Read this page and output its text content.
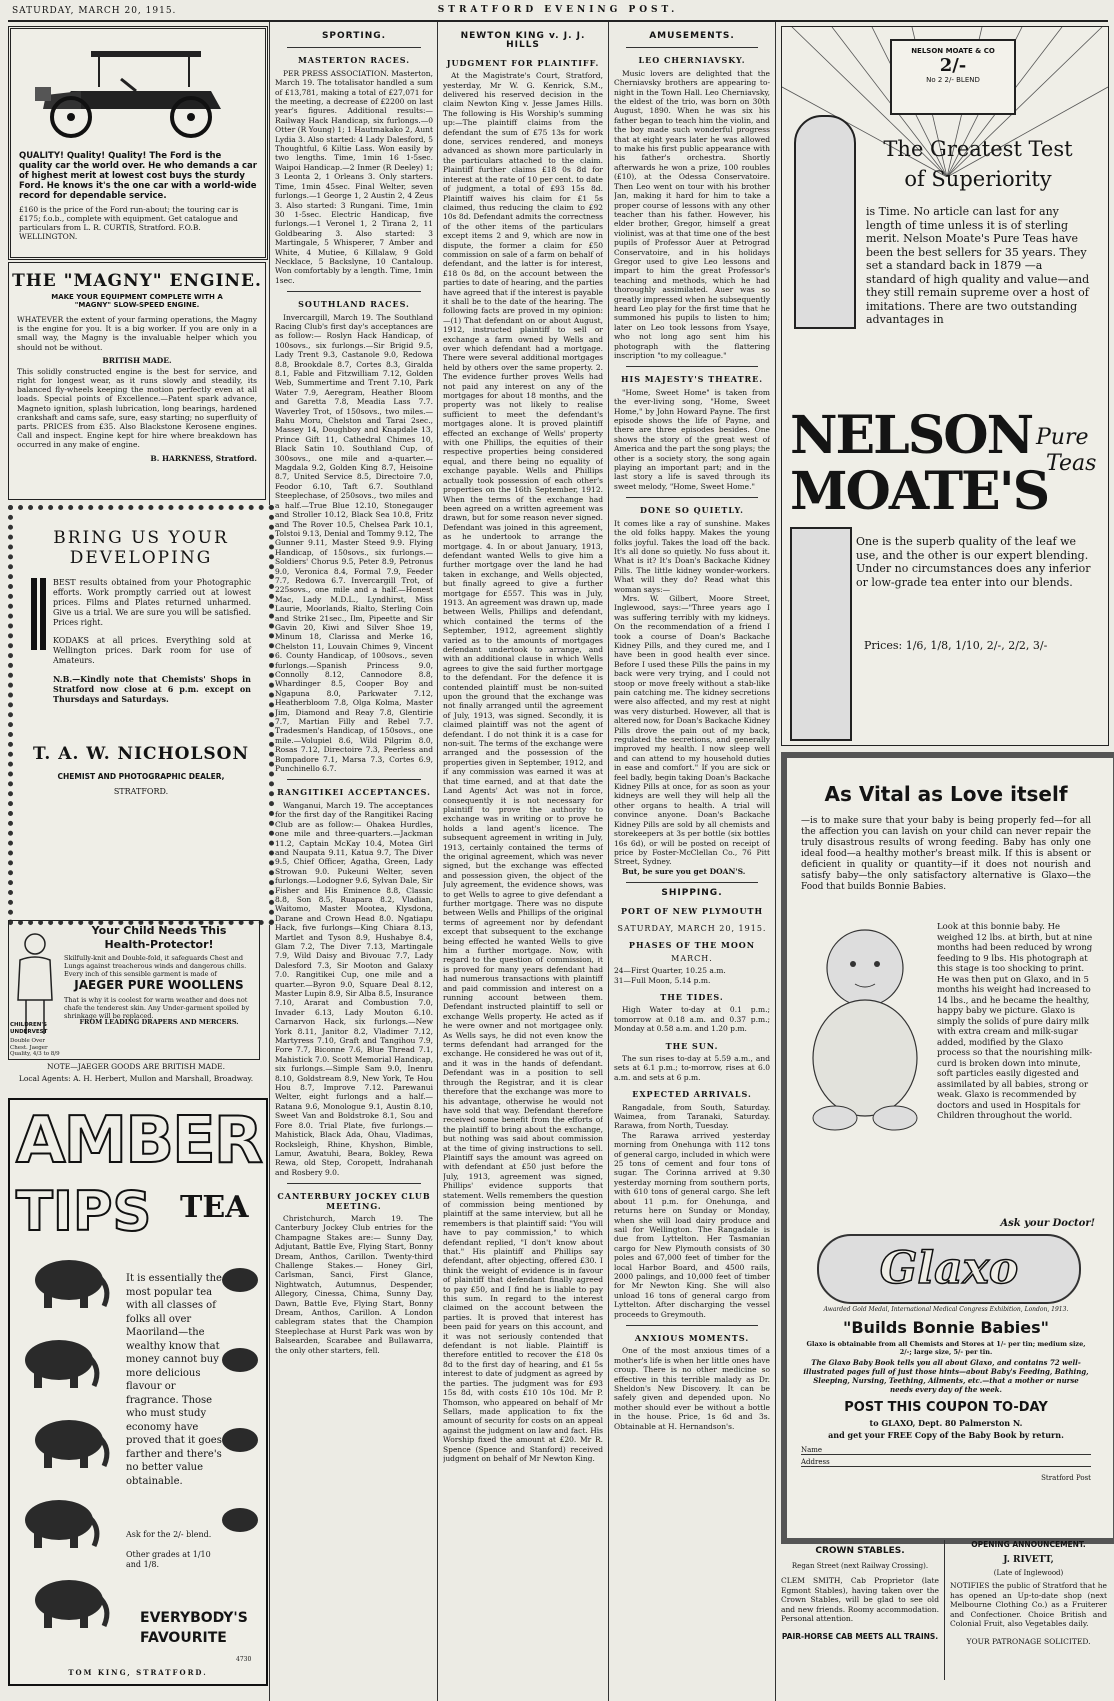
SATURDAY, MARCH 20, 1915.	STRATFORD EVENING POST.
QUALITY! Quality! Quality! The Ford is the quality car the world over. He who demands a car of highest merit at lowest cost buys the sturdy Ford. He knows it's the one car with a world-wide record for dependable service.
£160 is the price of the Ford run-about; the touring car is £175; f.o.b., complete with equipment. Get catalogue and particulars from L. R. CURTIS, Stratford. F.O.B. WELLINGTON.
THE "MAGNY" ENGINE.
MAKE YOUR EQUIPMENT COMPLETE WITH A "MAGNY" SLOW-SPEED ENGINE.
WHATEVER the extent of your farming operations, the Magny is the engine for you. It is a big worker. If you are only in a small way, the Magny is the invaluable helper which you should not be without.
BRITISH MADE.
This solidly constructed engine is the best for service, and right for longest wear, as it runs slowly and steadily, its balanced fly-wheels keeping the motion perfectly even at all loads. Special points of Excellence.—Patent spark advance, Magneto ignition, splash lubrication, long bearings, hardened crankshaft and cams safe, sure, easy starting; no superfluity of parts. PRICES from £35. Also Blackstone Kerosene engines. Call and inspect. Engine kept for hire where breakdown has occurred in any make of engine.
B. HARKNESS, Stratford.
BRING US YOUR
DEVELOPING
BEST results obtained from your Photographic efforts. Work promptly carried out at lowest prices. Films and Plates returned unharmed. Give us a trial. We are sure you will be satisfied. Prices right.
KODAKS at all prices. Everything sold at Wellington prices. Dark room for use of Amateurs.
N.B.—Kindly note that Chemists' Shops in Stratford now close at 6 p.m. except on Thursdays and Saturdays.
T. A. W. NICHOLSON
CHEMIST AND PHOTOGRAPHIC DEALER,
STRATFORD.
Your Child Needs This
Health-Protector!
Skilfully-knit and Double-fold, it safeguards Chest and Lungs against treacherous winds and dangerous chills. Every inch of this sensible garment is made of
JAEGER PURE WOOLLENS
That is why it is coolest for warm weather and does not chafe the tenderest skin. Any Under-garment spoiled by shrinkage will be replaced.
FROM LEADING DRAPERS AND MERCERS.
CHILDREN'S UNDERVEST
Double Over Chest. Jaeger Quality, 4/3 to 8/9
NOTE—JAEGER GOODS ARE BRITISH MADE.
Local Agents: A. H. Herbert, Mullon and Marshall, Broadway.
AMBER
TIPS TEA
It is essentially the most popular tea with all classes of folks all over Maoriland—the wealthy know that money cannot buy more delicious flavour or fragrance. Those who must study economy have proved that it goes farther and there's no better value obtainable.
Ask for the 2/- blend.
Other grades at 1/10 and 1/8.
EVERYBODY'S
FAVOURITE
4730
TOM KING, STRATFORD.
SPORTING.
MASTERTON RACES.

PER PRESS ASSOCIATION. Masterton, March 19. The totalisator handled a sum of £13,781, making a total of £27,071 for the meeting, a decrease of £2200 on last year's figures. Additional results:—Railway Hack Handicap, six furlongs.—0 Otter (R Young) 1; 1 Hautmakako 2, Aunt Lydia 3. Also started: 4 Lady Dalesford, 5 Thoughtful, 6 Kiltie Lass. Won easily by two lengths. Time, 1min 16 1-5sec. Waipoi Handicap.—2 Inmer (R Deeley) 1; 3 Leonta 2, 1 Orleans 3. Only starters. Time, 1min 45sec. Final Welter, seven furlongs.—1 George 1, 2 Austin 2, 4 Zeus 3. Also started: 3 Rungani. Time, 1min 30 1-5sec. Electric Handicap, five furlongs.—1 Veronel 1, 2 Tirana 2, 11 Goldbearing 3. Also started: 3 Martingale, 5 Whisperer, 7 Amber and White, 4 Mutiee, 6 Killalaw, 9 Gold Necklace, 5 Backslyne, 10 Cantaloup. Won comfortably by a length. Time, 1min 1sec.

SOUTHLAND RACES.

Invercargill, March 19. The Southland Racing Club's first day's acceptances are as follow:— Roslyn Hack Handicap, of 100sovs., six furlongs.—Sir Brigid 9.5, Lady Trent 9.3, Castanole 9.0, Redowa 8.8, Brookdale 8.7, Cortes 8.3, Giralda 8.1, Fable and Fitzwilliam 7.12, Golden Web, Summertime and Trent 7.10, Park Water 7.9, Aeregram, Heather Bloom and Garetta 7.8, Meadia Lass 7.7. Waverley Trot, of 150sovs., two miles.—Bahu Moru, Chelston and Tarai 2sec., Massey 14, Doughboy and Knapdale 13, Prince Gift 11, Cathedral Chimes 10, Black Satin 10. Southland Cup, of 300sovs., one mile and a-quarter.—Magdala 9.2, Golden King 8.7, Heisoine 8.7, United Service 8.5, Directoire 7.0, Feodor 6.10, Taft 6.7. Southland Steeplechase, of 250sovs., two miles and a half.—True Blue 12.10, Stonegauger and Stroller 10.12, Black Sea 10.8, Fritz and The Rover 10.5, Chelsea Park 10.1, Tolstoi 9.13, Denial and Tommy 9.12, The Gunner 9.11, Master Steed 9.9. Flying Handicap, of 150sovs., six furlongs.—Soldiers' Chorus 9.5, Peter 8.9, Petronus 9.0, Veronica 8.4, Formal 7.9, Feeder 7.7, Redowa 6.7. Invercargill Trot, of 225sovs., one mile and a half.—Honest Mac, Lady M.D.L., Lyndhirst, Miss Laurie, Moorlands, Rialto, Sterling Coin and Strike 21sec., Ilm, Pipeette and Sir Gavin 20, Kiwi and Silver Shoe 19, Minum 18, Clarissa and Merke 16, Chelston 11, Louvain Chimes 9, Vincent 6. County Handicap, of 100sovs., seven furlongs.—Spanish Princess 9.0, Connolly 8.12, Cannodore 8.8, Whardinger 8.5, Cooper Boy and Ngapuna 8.0, Parkwater 7.12, Heatherbloom 7.8, Olga Kolma, Master Jim, Diamond and Reay 7.8, Glentirie 7.7, Martian Filly and Rebel 7.7. Tradesmen's Handicap, of 150sovs., one mile.—Volupiel 8.6, Wild Pilgrim 8.0, Rosas 7.12, Directoire 7.3, Peerless and Bompadore 7.1, Marsa 7.3, Cortes 6.9, Punchinello 6.7.

RANGITIKEI ACCEPTANCES.

Wanganui, March 19. The acceptances for the first day of the Rangitikei Racing Club are as follow:— Ohakea Hurdles, one mile and three-quarters.—Jackman 11.2, Captain McKay 10.4, Motea Girl and Naupata 9.11, Katua 9.7, The Diver 9.5, Chief Officer, Agatha, Green, Lady Strowan 9.0. Pukeuni Welter, seven furlongs.—Lodogner 9.6, Sylvan Dale, Sir Fisher and His Eminence 8.8, Classic 8.8, Son 8.5, Ruapara 8.2, Vladian, Waitomo, Master Mootea, Klysdona, Darane and Crown Head 8.0. Ngatiapu Hack, five furlongs—King Chiara 8.13, Martlet and Tyson 8.9, Hushabye 8.4, Glam 7.2, The Diver 7.13, Martingale 7.9, Wild Daisy and Bivouac 7.7, Lady Dalesford 7.3, Sir Mooton and Galaxy 7.0. Rangitikei Cup, one mile and a quarter.—Byron 9.0, Square Deal 8.12, Master Lupin 8.9, Sir Alba 8.5, Insurance 7.10, Ararat and Combustion 7.0, Invader 6.13, Lady Mouton 6.10. Carnarvon Hack, six furlongs.—New York 8.11, Janitor 8.2, Vladimer 7.12, Martyress 7.10, Graft and Tangihou 7.9, Fore 7.7, Biconne 7.6, Blue Thread 7.1, Mahistick 7.0. Scott Memorial Handicap, six furlongs.—Simple Sam 9.0, Inenru 8.10, Goldstream 8.9, New York, Te Hou Hou 8.7, Improve 7.12. Parewanui Welter, eight furlongs and a half.—Ratana 9.6, Monologue 9.1, Austin 8.10, Sweet Van and Boldstroke 8.1, Sou and Fore 8.0. Trial Plate, five furlongs.—Mahistick, Black Ada, Ohau, Vladimas, Rocksleigh, Rhine, Khyshon, Bimble, Lamur, Awatuhi, Beara, Bokley, Rewa Rewa, old Step, Coropett, Indrahanah and Rosbery 9.0.

CANTERBURY JOCKEY CLUB MEETING.

Christchurch, March 19. The Canterbury Jockey Club entries for the Champagne Stakes are:— Sunny Day, Adjutant, Battle Eve, Flying Start, Bonny Dream, Anthos, Carillon. Twenty-third Challenge Stakes.— Honey Girl, Carlsman, Sanci, First Glance, Nightwatch, Autumnus, Despender, Allegory, Cinessa, Chima, Sunny Day, Dawn, Battle Eve, Flying Start, Bonny Dream, Anthos, Carillon. A London cablegram states that the Champion Steeplechase at Hurst Park was won by Balsearden, Scarabee and Bullawarra, the only other starters, fell.

NEWTON KING v. J. J. HILLS
JUDGMENT FOR PLAINTIFF.

At the Magistrate's Court, Stratford, yesterday, Mr W. G. Kenrick, S.M., delivered his reserved decision in the claim Newton King v. Jesse James Hills. The following is His Worship's summing up:—The plaintiff claims from the defendant the sum of £75 13s for work done, services rendered, and moneys advanced as shown more particularly in the particulars attached to the claim. Plaintiff further claims £18 0s 8d for interest at the rate of 10 per cent. to date of judgment, a total of £93 15s 8d. Plaintiff waives his claim for £1 5s claimed, thus reducing the claim to £92 10s 8d. Defendant admits the correctness of the other items of the particulars except items 2 and 9, which are now in dispute, the former a claim for £50 commission on sale of a farm on behalf of defendant, and the latter is for interest, £18 0s 8d, on the account between the parties to date of hearing, and the parties have agreed that if the interest is payable it shall be to the date of the hearing. The following facts are proved in my opinion:—(1) That defendant on or about August, 1912, instructed plaintiff to sell or exchange a farm owned by Wells and over which defendant had a mortgage. There were several additional mortgages held by others over the same property. 2. The evidence further proves Wells had not paid any interest on any of the mortgages for about 18 months, and the property was not likely to realise sufficient to meet the defendant's mortgages alone. It is proved plaintiff effected an exchange of Wells' property with one Phillips, the equities of their respective properties being considered equal, and there being no equality of exchange payable. Wells and Phillips actually took possession of each other's properties on the 16th September, 1912. When the terms of the exchange had been agreed on a written agreement was drawn, but for some reason never signed. Defendant was joined in this agreement, as he undertook to arrange the mortgage. 4. In or about January, 1913, defendant wanted Wells to give him a further mortgage over the land he had taken in exchange, and Wells objected, but finally agreed to give a further mortgage for £557. This was in July, 1913. An agreement was drawn up, made between Wells, Phillips and defendant, which contained the terms of the September, 1912, agreement slightly varied as to the amounts of mortgages defendant undertook to arrange, and with an additional clause in which Wells agrees to give the said further mortgage to the defendant. For the defence it is contended plaintiff must be non-suited upon the ground that the exchange was not finally arranged until the agreement of July, 1913, was signed. Secondly, it is claimed plaintiff was not the agent of defendant. I do not think it is a case for non-suit. The terms of the exchange were arranged and the possession of the properties given in September, 1912, and if any commission was earned it was at that time earned, and at that date the Land Agents' Act was not in force, consequently it is not necessary for plaintiff to prove the authority to exchange was in writing or to prove he holds a land agent's licence. The subsequent agreement in writing in July, 1913, certainly contained the terms of the original agreement, which was never signed, but the exchange was effected and possession given, the object of the July agreement, the evidence shows, was to get Wells to agree to give defendant a further mortgage. There was no dispute between Wells and Phillips of the original terms of agreement nor by defendant except that subsequent to the exchange being effected he wanted Wells to give him a further mortgage. Now, with regard to the question of commission, it is proved for many years defendant had had numerous transactions with plaintiff and paid commission and interest on a running account between them. Defendant instructed plaintiff to sell or exchange Wells property. He acted as if he were owner and not mortgagee only. As Wells says, he did not even know the terms defendant had arranged for the exchange. He considered he was out of it, and it was in the hands of defendant. Defendant was in a position to sell through the Registrar, and it is clear therefore that the exchange was more to his advantage, otherwise he would not have sold that way. Defendant therefore received some benefit from the efforts of the plaintiff to bring about the exchange, but nothing was said about commission at the time of giving instructions to sell. Plaintiff says the amount was agreed on with defendant at £50 just before the July, 1913, agreement was signed, Phillips' evidence supports that statement. Wells remembers the question of commission being mentioned by plaintiff at the same interview, but all he remembers is that plaintiff said: "You will have to pay commission," to which defendant replied, "I don't know about that." His plaintiff and Phillips say defendant, after objecting, offered £30. I think the weight of evidence is in favour of plaintiff that defendant finally agreed to pay £50, and I find he is liable to pay this sum. In regard to the interest claimed on the account between the parties. It is proved that interest has been paid for years on this account, and it was not seriously contended that defendant is not liable. Plaintiff is therefore entitled to recover the £18 0s 8d to the first day of hearing, and £1 5s interest to date of judgment as agreed by the parties. The judgment was for £93 15s 8d, with costs £10 10s 10d. Mr P. Thomson, who appeared on behalf of Mr Sellars, made application to fix the amount of security for costs on an appeal against the judgment on law and fact. His Worship fixed the amount at £20. Mr R. Spence (Spence and Stanford) received judgment on behalf of Mr Newton King.

AMUSEMENTS.
LEO CHERNIAVSKY.

Music lovers are delighted that the Cherniavsky brothers are appearing to-night in the Town Hall. Leo Cherniavsky, the eldest of the trio, was born on 30th August, 1890. When he was six his father began to teach him the violin, and the boy made such wonderful progress that at eight years later he was allowed to make his first public appearance with his father's orchestra. Shortly afterwards he won a prize, 100 roubles (£10), at the Odessa Conservatoire. Then Leo went on tour with his brother Jan, making it hard for him to take a proper course of lessons with any other teacher than his father. However, his elder brother, Gregor, himself a great violinist, was at that time one of the best pupils of Professor Auer at Petrograd Conservatoire, and in his holidays Gregor used to give Leo lessons and impart to him the great Professor's teaching and methods, which he had thoroughly assimilated. Auer was so greatly impressed when he subsequently heard Leo play for the first time that he summoned his pupils to listen to him; later on Leo took lessons from Ysaye, who not long ago sent him his photograph with the flattering inscription "to my colleague."

HIS MAJESTY'S THEATRE.

"Home, Sweet Home" is taken from the ever-living song, "Home, Sweet Home," by John Howard Payne. The first episode shows the life of Payne, and there are three episodes besides. One shows the story of the great west of America and the part the song plays; the other is a society story, the song again playing an important part; and in the last story a life is saved through its sweet melody, "Home, Sweet Home."

DONE SO QUIETLY.

It comes like a ray of sunshine. Makes the old folks happy. Makes the young folks joyful. Takes the load off the back. It's all done so quietly. No fuss about it. What is it? It's Doan's Backache Kidney Pills. The little kidney wonder-workers. What will they do? Read what this woman says:—

Mrs. W. Gilbert, Moore Street, Inglewood, says:—"Three years ago I was suffering terribly with my kidneys. On the recommendation of a friend I took a course of Doan's Backache Kidney Pills, and they cured me, and I have been in good health ever since. Before I used these Pills the pains in my back were very trying, and I could not stoop or move freely without a stab-like pain catching me. The kidney secretions were also affected, and my rest at night was very disturbed. However, all that is altered now, for Doan's Backache Kidney Pills drove the pain out of my back, regulated the secretions, and generally improved my health. I now sleep well and can attend to my household duties in ease and comfort." If you are sick or feel badly, begin taking Doan's Backache Kidney Pills at once, for as soon as your kidneys are well they will help all the other organs to health. A trial will convince anyone. Doan's Backache Kidney Pills are sold by all chemists and storekeepers at 3s per bottle (six bottles 16s 6d), or will be posted on receipt of price by Foster-McClellan Co., 76 Pitt Street, Sydney.

But, be sure you get DOAN'S.

SHIPPING.
PORT OF NEW PLYMOUTH
SATURDAY, MARCH 20, 1915.
PHASES OF THE MOON
MARCH.

24—First Quarter, 10.25 a.m.

31—Full Moon, 5.14 p.m.

THE TIDES.

High Water to-day at 0.1 p.m.; tomorrow at 0.18 a.m. and 0.37 p.m.; Monday at 0.58 a.m. and 1.20 p.m.

THE SUN.

The sun rises to-day at 5.59 a.m., and sets at 6.1 p.m.; to-morrow, rises at 6.0 a.m. and sets at 6 p.m.

EXPECTED ARRIVALS.

Rangadale, from South, Saturday. Waimea, from Taranaki, Saturday. Rarawa, from North, Tuesday.

The Rarawa arrived yesterday morning from Onehunga with 112 tons of general cargo, included in which were 25 tons of cement and four tons of sugar. The Corinna arrived at 9.30 yesterday morning from southern ports, with 610 tons of general cargo. She left about 11 p.m. for Onehunga, and returns here on Sunday or Monday, when she will load dairy produce and sail for Wellington. The Rangadale is due from Lyttelton. Her Tasmanian cargo for New Plymouth consists of 30 poles and 67,000 feet of timber for the local Harbor Board, and 4500 rails, 2000 palings, and 10,000 feet of timber for Mr Newton King. She will also unload 16 tons of general cargo from Lyttelton. After discharging the vessel proceeds to Greymouth.

ANXIOUS MOMENTS.

One of the most anxious times of a mother's life is when her little ones have croup. There is no other medicine so effective in this terrible malady as Dr. Sheldon's New Discovery. It can be safely given and depended upon. No mother should ever be without a bottle in the house. Price, 1s 6d and 3s. Obtainable at H. Hernandson's.

NELSON MOATE & CO
2/-
No 2 2/- BLEND
The Greatest Test
of Superiority
is Time. No article can last for any length of time unless it is of sterling merit. Nelson Moate's Pure Teas have been the best sellers for 35 years. They set a standard back in 1879 —a standard of high quality and value—and they still remain supreme over a host of imitations. There are two outstanding advantages in
NELSON
MOATE'S
Pure
Teas
One is the superb quality of the leaf we use, and the other is our expert blending. Under no circumstances does any inferior or low-grade tea enter into our blends.
Prices: 1/6, 1/8, 1/10, 2/-, 2/2, 3/-
As Vital as Love itself
—is to make sure that your baby is being properly fed—for all the affection you can lavish on your child can never repair the truly disastrous results of wrong feeding. Baby has only one ideal food—a healthy mother's breast milk. If this is absent or deficient in quality or quantity—if it does not nourish and satisfy baby—the only satisfactory alternative is Glaxo—the Food that builds Bonnie Babies.
Look at this bonnie baby. He weighed 12 lbs. at birth, but at nine months had been reduced by wrong feeding to 9 lbs. His photograph at this stage is too shocking to print. He was then put on Glaxo, and in 5 months his weight had increased to 14 lbs., and he became the healthy, happy baby we picture. Glaxo is simply the solids of pure dairy milk with extra cream and milk-sugar added, modified by the Glaxo process so that the nourishing milk-curd is broken down into minute, soft particles easily digested and assimilated by all babies, strong or weak. Glaxo is recommended by doctors and used in Hospitals for Children throughout the world.
Ask your Doctor!
Glaxo
Awarded Gold Medal, International Medical Congress Exhibition, London, 1913.
"Builds Bonnie Babies"
Glaxo is obtainable from all Chemists and Stores at 1/- per tin; medium size, 2/-; large size, 5/- per tin.
The Glaxo Baby Book tells you all about Glaxo, and contains 72 well-illustrated pages full of just those hints—about Baby's Feeding, Bathing, Sleeping, Nursing, Teething, Ailments, etc.—that a mother or nurse needs every day of the week.
POST THIS COUPON TO-DAY
to GLAXO, Dept. 80 Palmerston N.
and get your FREE Copy of the Baby Book by return.
Name
Address
Stratford Post
CROWN STABLES.
Regan Street (next Railway Crossing).
CLEM SMITH, Cab Proprietor (late Egmont Stables), having taken over the Crown Stables, will be glad to see old and new friends. Roomy accommodation. Personal attention.
PAIR-HORSE CAB MEETS ALL TRAINS.
OPENING ANNOUNCEMENT.
J. RIVETT,
(Late of Inglewood)
NOTIFIES the public of Stratford that he has opened an Up-to-date shop (next Melbourne Clothing Co.) as a Fruiterer and Confectioner. Choice British and Colonial Fruit, also Vegetables daily.
YOUR PATRONAGE SOLICITED.
